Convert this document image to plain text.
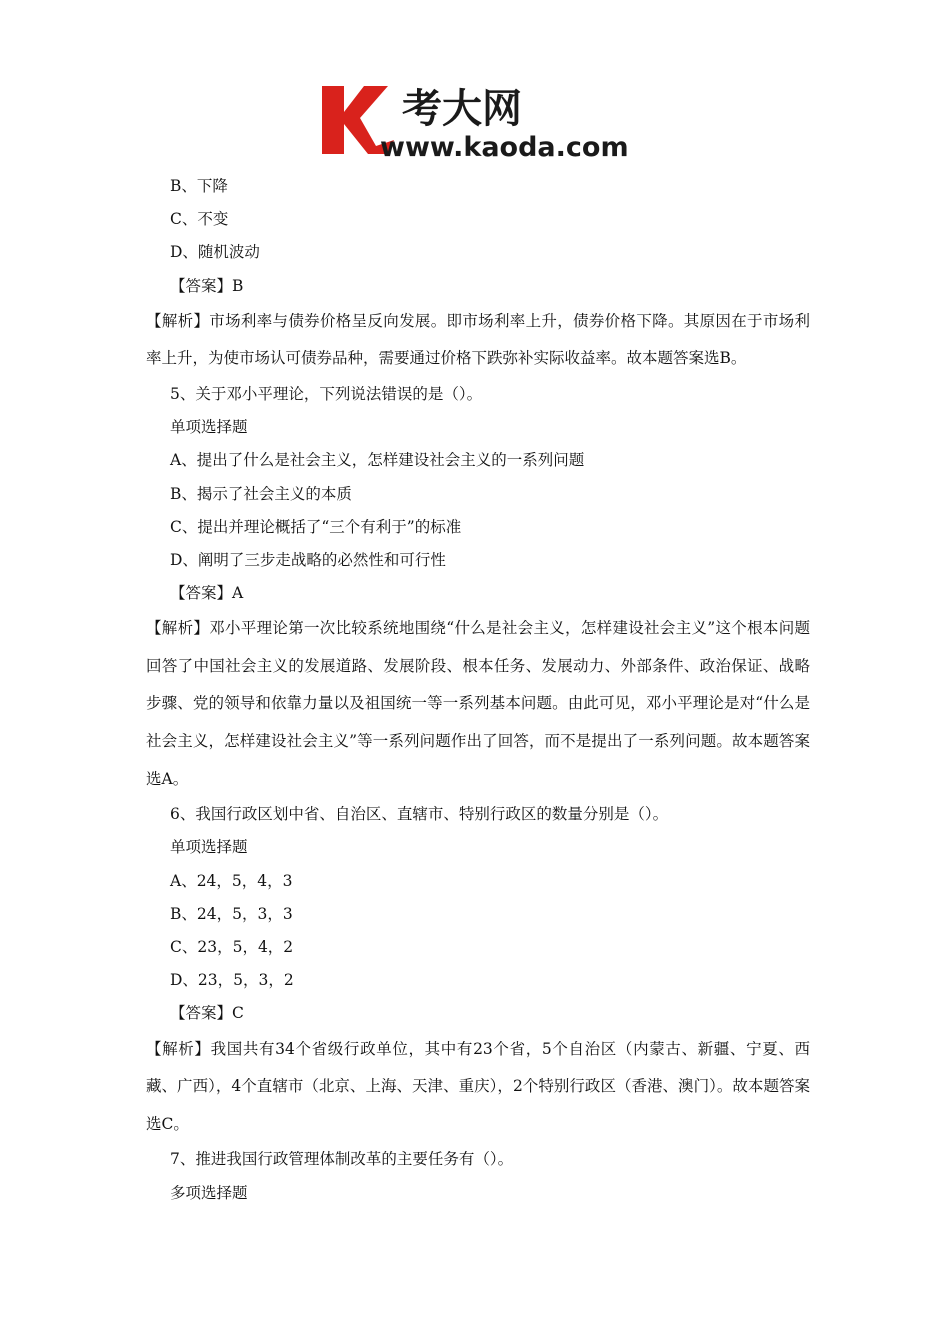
考大网
www.kaoda.com
B、下降
C、不变
D、随机波动
【答案】B
【解析】市场利率与债券价格呈反向发展。即市场利率上升，债券价格下降。其原因在于市场利率上升，为使市场认可债券品种，需要通过价格下跌弥补实际收益率。故本题答案选B。
5、关于邓小平理论，下列说法错误的是（）。
单项选择题
A、提出了什么是社会主义，怎样建设社会主义的一系列问题
B、揭示了社会主义的本质
C、提出并理论概括了“三个有利于”的标准
D、阐明了三步走战略的必然性和可行性
【答案】A
【解析】邓小平理论第一次比较系统地围绕“什么是社会主义，怎样建设社会主义”这个根本问题回答了中国社会主义的发展道路、发展阶段、根本任务、发展动力、外部条件、政治保证、战略步骤、党的领导和依靠力量以及祖国统一等一系列基本问题。由此可见，邓小平理论是对“什么是社会主义，怎样建设社会主义”等一系列问题作出了回答，而不是提出了一系列问题。故本题答案选A。
6、我国行政区划中省、自治区、直辖市、特别行政区的数量分别是（）。
单项选择题
A、24，5，4，3
B、24，5，3，3
C、23，5，4，2
D、23，5，3，2
【答案】C
【解析】我国共有34个省级行政单位，其中有23个省，5个自治区（内蒙古、新疆、宁夏、西藏、广西），4个直辖市（北京、上海、天津、重庆），2个特别行政区（香港、澳门）。故本题答案选C。
7、推进我国行政管理体制改革的主要任务有（）。
多项选择题
